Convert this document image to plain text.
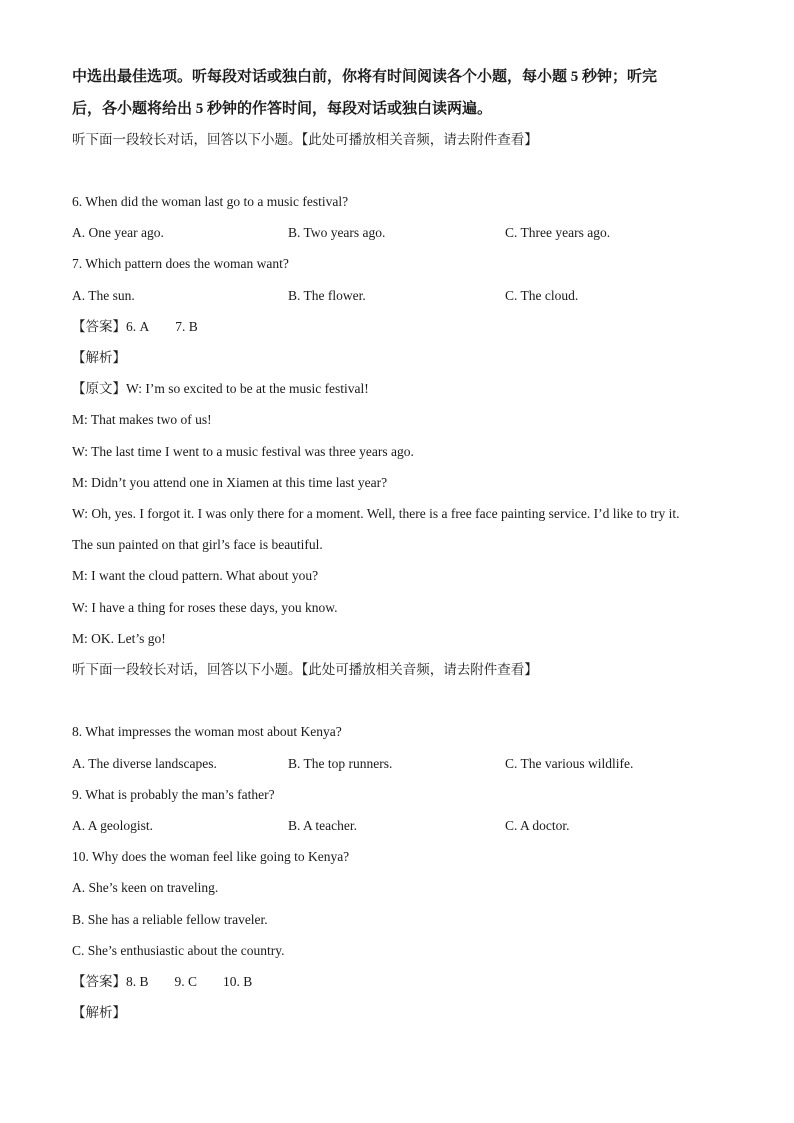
中选出最佳选项。听每段对话或独白前，你将有时间阅读各个小题，每小题 5 秒钟；听完
后，各小题将给出 5 秒钟的作答时间，每段对话或独白读两遍。
听下面一段较长对话，回答以下小题。【此处可播放相关音频，请去附件查看】
6. When did the woman last go to a music festival?
A. One year ago.	B. Two years ago.	C. Three years ago.
7. Which pattern does the woman want?
A. The sun.	B. The flower.	C. The cloud.
【答案】6. A 7. B
【解析】
【原文】W: I’m so excited to be at the music festival!
M: That makes two of us!
W: The last time I went to a music festival was three years ago.
M: Didn’t you attend one in Xiamen at this time last year?
W: Oh, yes. I forgot it. I was only there for a moment. Well, there is a free face painting service. I’d like to try it.
The sun painted on that girl’s face is beautiful.
M: I want the cloud pattern. What about you?
W: I have a thing for roses these days, you know.
M: OK. Let’s go!
听下面一段较长对话，回答以下小题。【此处可播放相关音频，请去附件查看】
8. What impresses the woman most about Kenya?
A. The diverse landscapes.	B. The top runners.	C. The various wildlife.
9. What is probably the man’s father?
A. A geologist.	B. A teacher.	C. A doctor.
10. Why does the woman feel like going to Kenya?
A. She’s keen on traveling.
B. She has a reliable fellow traveler.
C. She’s enthusiastic about the country.
【答案】8. B 9. C 10. B
【解析】
